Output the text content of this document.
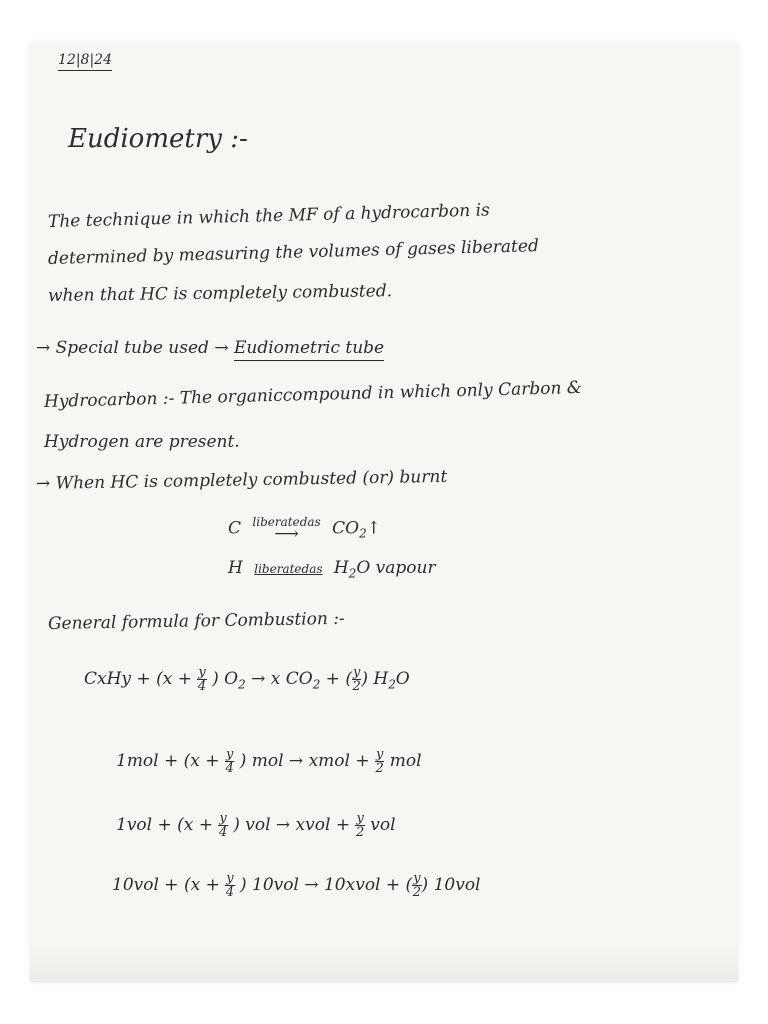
12|8|24
Eudiometry :-
The technique in which the MF of a hydrocarbon is
determined by measuring the volumes of gases liberated
when that HC is completely combusted.
→ Special tube used → Eudiometric tube
Hydrocarbon :- The organiccompound in which only Carbon &
Hydrogen are present.
→ When HC is completely combusted (or) burnt
C liberatedas
⟶	$CO_2↑$
H liberatedas $H_2O$ vapour
General formula for Combustion :-
CxHy + ($x + \frac{y}{4}$ ) $O_2 \to x$ $CO_2$ + ( $\frac{y}{2}$ ) $H_2O$
$1mol + (x + \frac{y}{4}$ ) mol → xmol + $\frac{y}{2}$ mol
$1vol + (x + \frac{y}{4}$ ) vol → xvol + $\frac{y}{2}$ vol
$10vol + (x + \frac{y}{4}$ ) 10vol → 10xvol + ( $\frac{y}{2}$ ) 10vol
